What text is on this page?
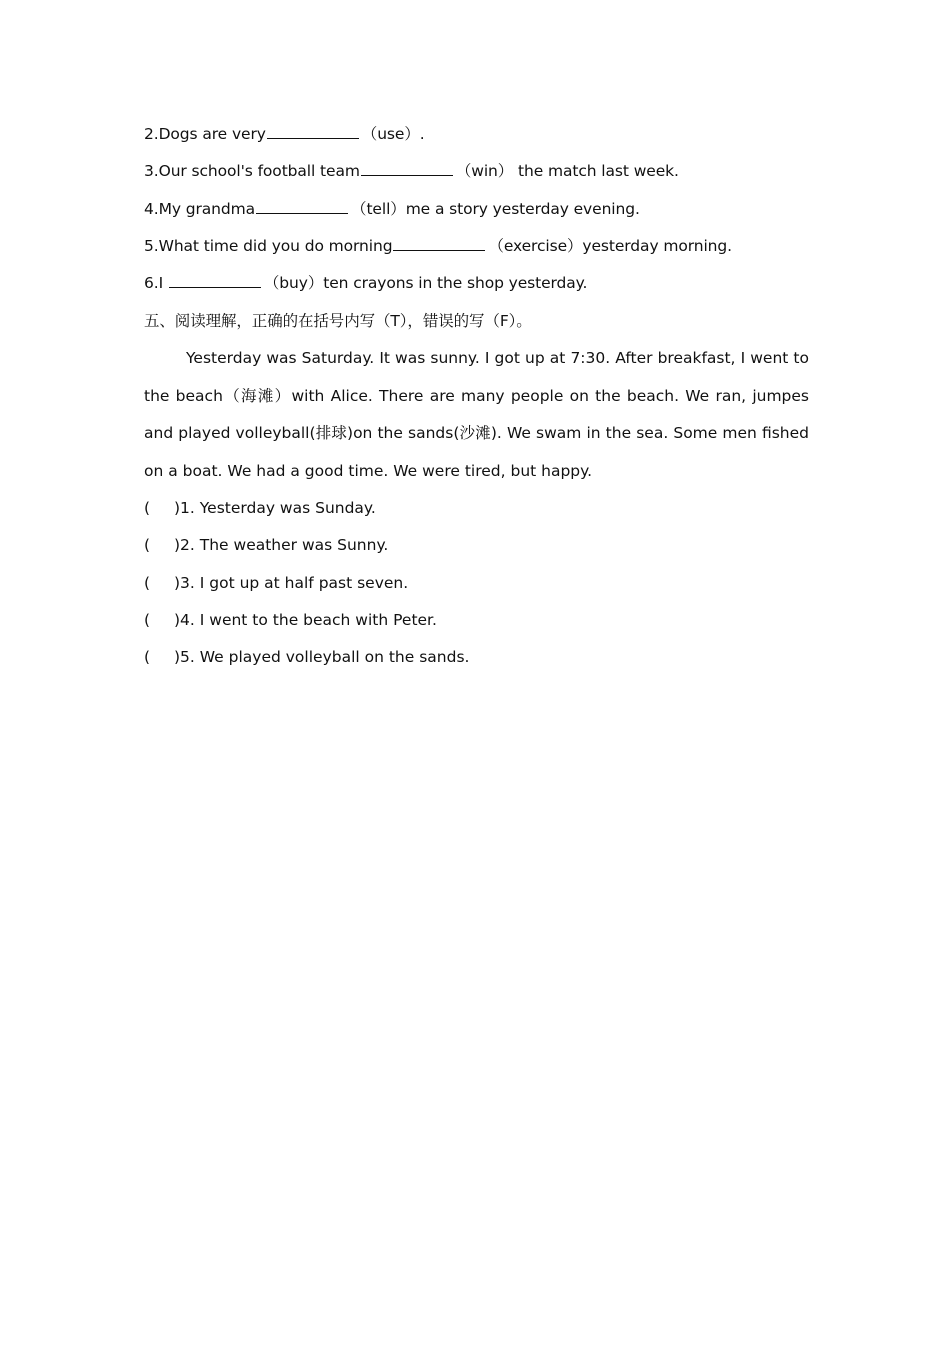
2.Dogs are very	（use）.
3.Our school's football team	（win） the match last week.
4.My grandma	（tell）me a story yesterday evening.
5.What time did you do morning	（exercise）yesterday morning.
6.I	（buy）ten crayons in the shop yesterday.
五、阅读理解，正确的在括号内写（T），错误的写（F）。
Yesterday was Saturday. It was sunny. I got up at 7:30. After breakfast, I went to the beach（海滩）with Alice. There are many people on the beach. We ran, jumpes and played volleyball(排球)on the sands(沙滩). We swam in the sea. Some men fished on a boat. We had a good time. We were tired, but happy.
( )1. Yesterday was Sunday.
( )2. The weather was Sunny.
( )3. I got up at half past seven.
( )4. I went to the beach with Peter.
( )5. We played volleyball on the sands.
